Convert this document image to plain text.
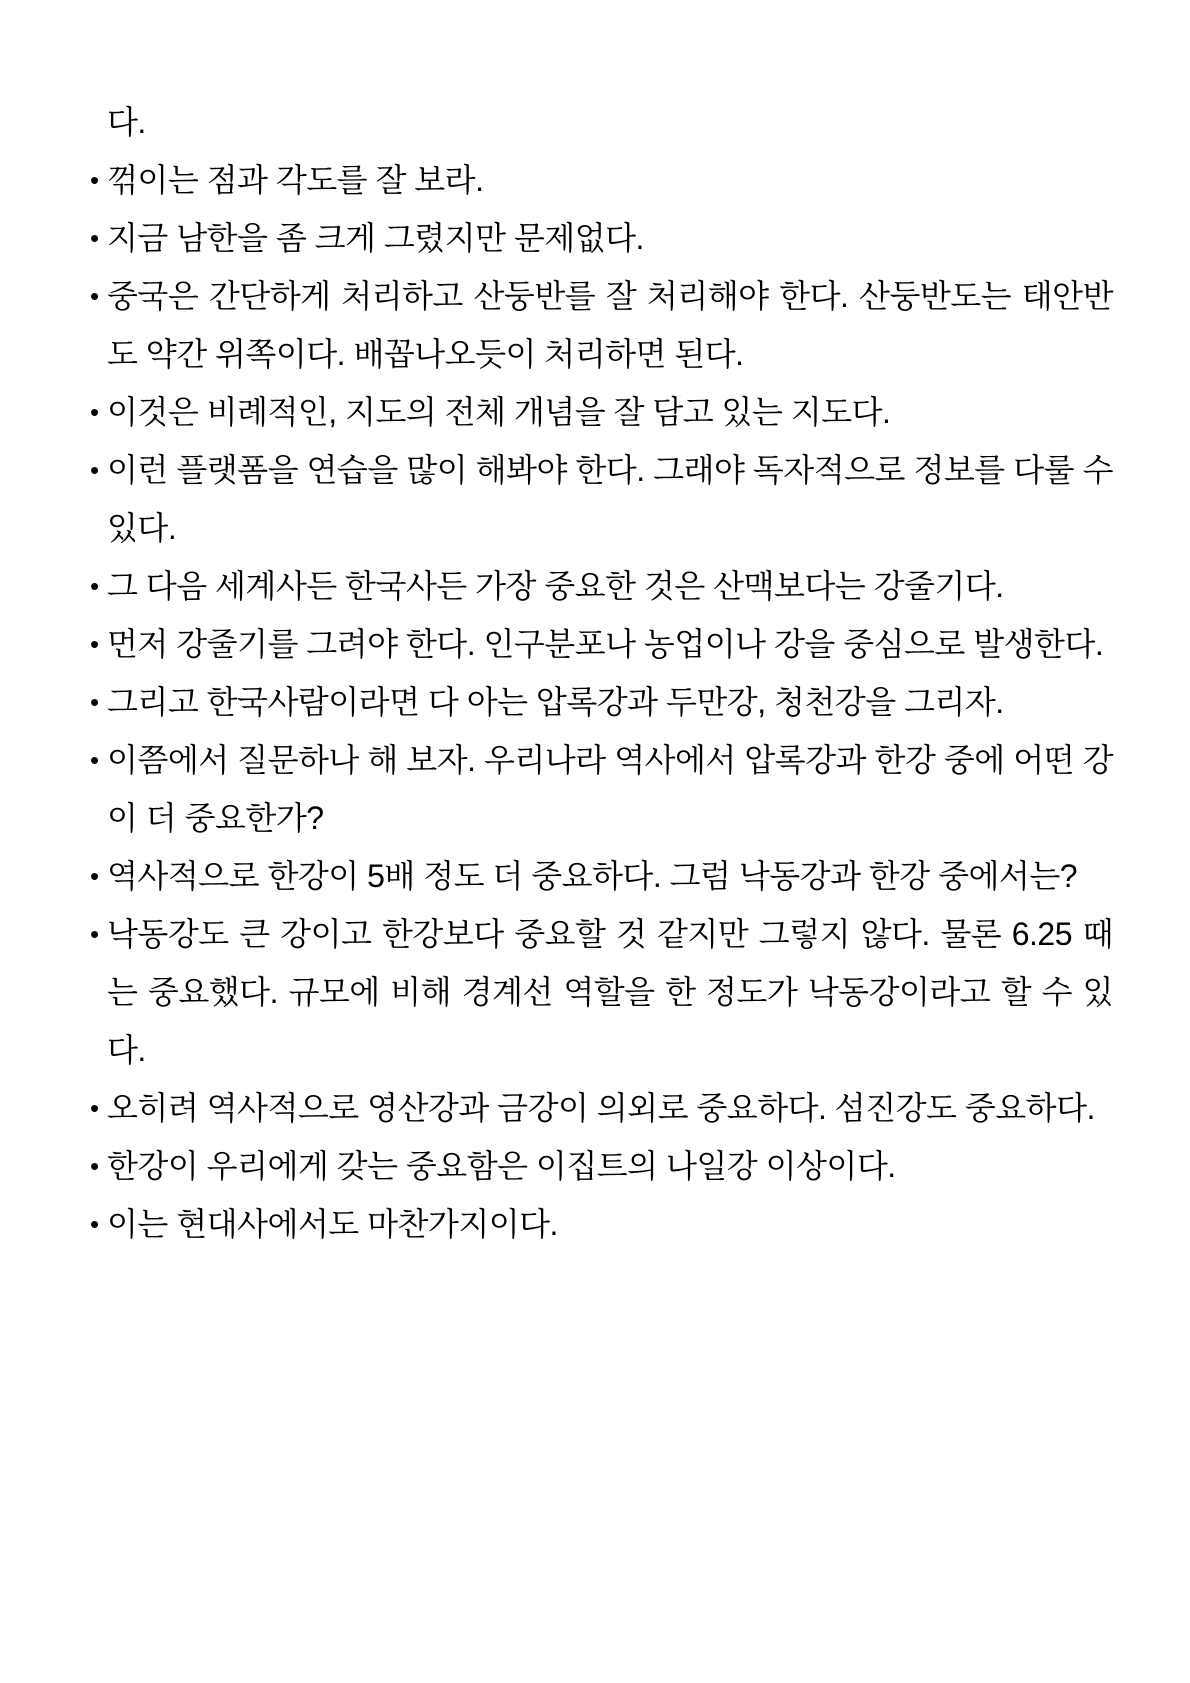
다.

• 꺾이는 점과 각도를 잘 보라.

• 지금 남한을 좀 크게 그렸지만 문제없다.

• 중국은 간단하게 처리하고 산둥반를 잘 처리해야 한다. 산둥반도는 태안반도 약간 위쪽이다. 배꼽나오듯이 처리하면 된다.

• 이것은 비례적인, 지도의 전체 개념을 잘 담고 있는 지도다.

• 이런 플랫폼을 연습을 많이 해봐야 한다. 그래야 독자적으로 정보를 다룰 수 있다.

• 그 다음 세계사든 한국사든 가장 중요한 것은 산맥보다는 강줄기다.

• 먼저 강줄기를 그려야 한다. 인구분포나 농업이나 강을 중심으로 발생한다.

• 그리고 한국사람이라면 다 아는 압록강과 두만강, 청천강을 그리자.

• 이쯤에서 질문하나 해 보자. 우리나라 역사에서 압록강과 한강 중에 어떤 강이 더 중요한가?

• 역사적으로 한강이 5배 정도 더 중요하다. 그럼 낙동강과 한강 중에서는?

• 낙동강도 큰 강이고 한강보다 중요할 것 같지만 그렇지 않다. 물론 6.25 때는 중요했다. 규모에 비해 경계선 역할을 한 정도가 낙동강이라고 할 수 있다.

• 오히려 역사적으로 영산강과 금강이 의외로 중요하다. 섬진강도 중요하다.

• 한강이 우리에게 갖는 중요함은 이집트의 나일강 이상이다.

• 이는 현대사에서도 마찬가지이다.
